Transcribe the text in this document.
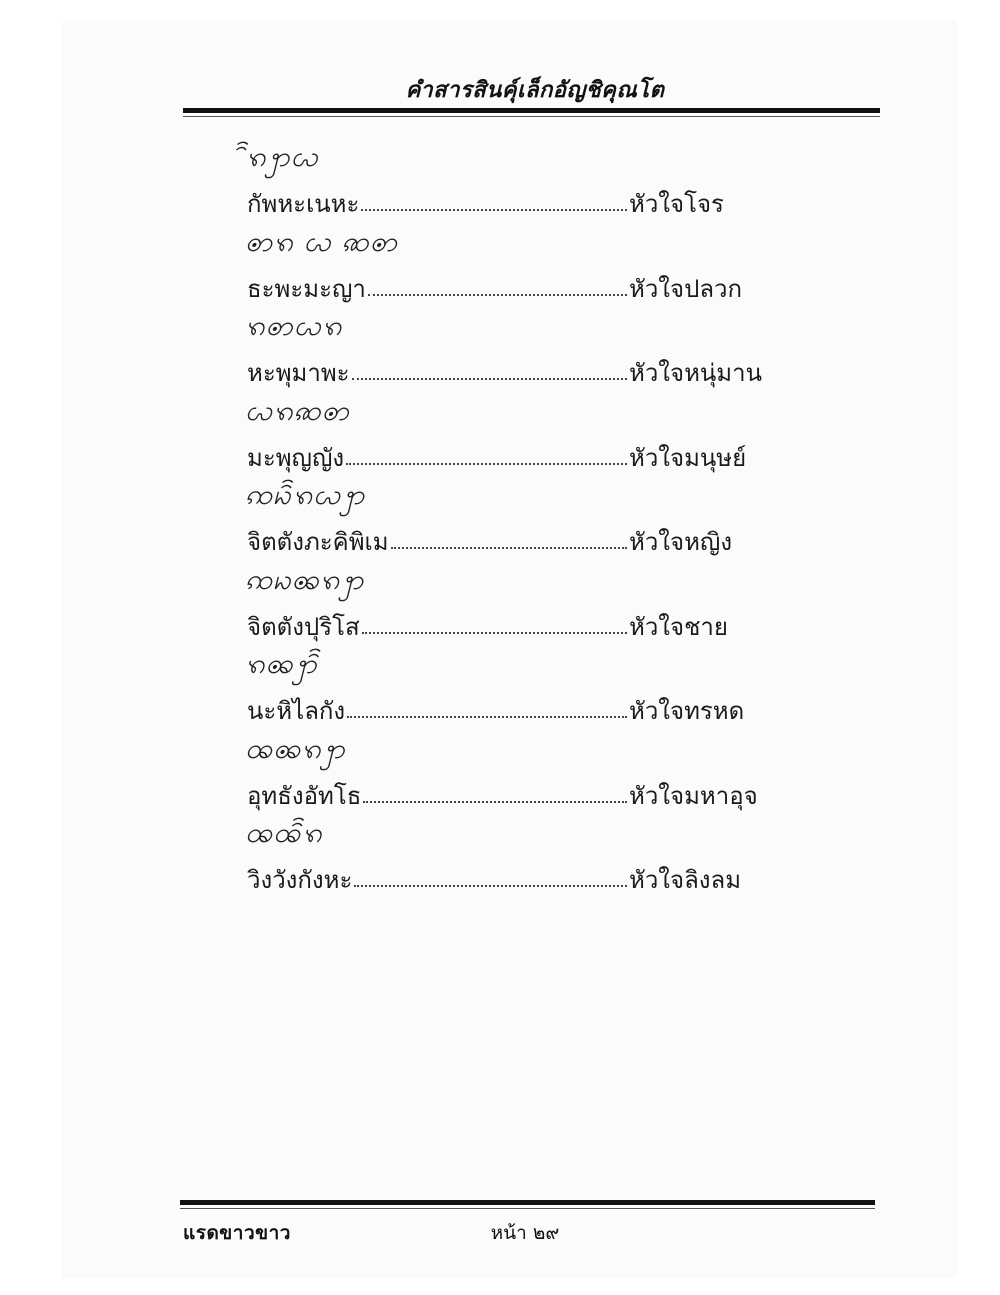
คำสารสินคุ์เล็กอัญชิคุณโต
ꩰꩫꩭꩬ
กัพหะเนหะ	หัวใจโจร
ꩦꩫ ꩬ ꩣꩦ
ธะพะมะญา	หัวใจปลวก
ꩫꩦꩬꩫ
หะพุมาพะ	หัวใจหนุ่มาน
ꩬꩫꩣꩦ
มะพุญญัง	หัวใจมนุษย์
ꩡꩢꩰꩫꩬꩭ
จิตตังภะคิพิเม	หัวใจหญิง
ꩡꩢꩩꩫꩭ
จิตตังปุริโส	หัวใจชาย
ꩫꩩꩭꩰ
นะหิไลกัง	หัวใจทรหด
ꩪꩩꩫꩭ
อุทธังอัทโธ	หัวใจมหาอุจ
ꩪꩪꩰꩫ
วิงวังกังหะ	หัวใจลิงลม
แรดขาวขาว	หน้า ๒๙
